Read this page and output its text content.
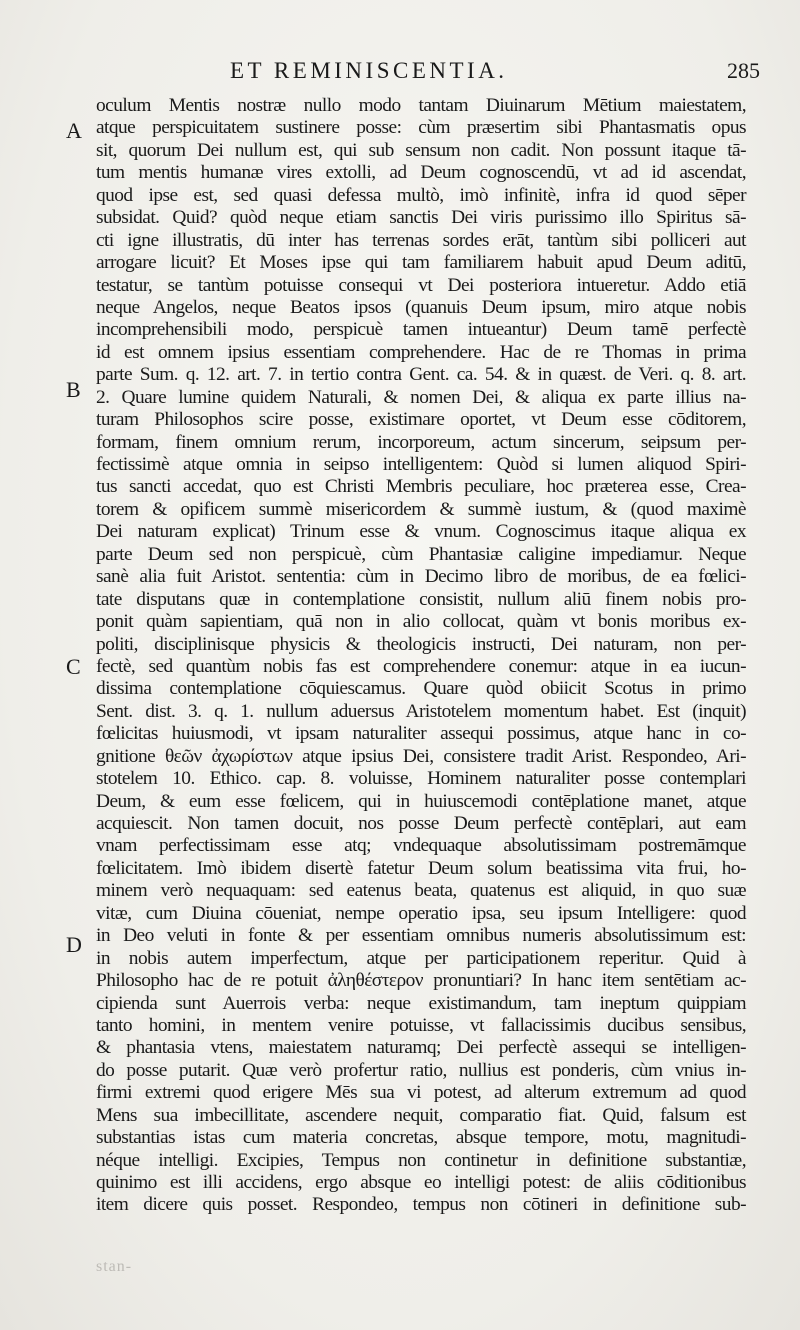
ET REMINISCENTIA.	285
A
B
C
D
oculum Mentis nostræ nullo modo tantam Diuinarum Mētium maiestatem,
atque perspicuitatem sustinere posse: cùm præsertim sibi Phantasmatis opus
sit, quorum Dei nullum est, qui sub sensum non cadit. Non possunt itaque tā-
tum mentis humanæ vires extolli, ad Deum cognoscendū, vt ad id ascendat,
quod ipse est, sed quasi defessa multò, imò infinitè, infra id quod sēper
subsidat. Quid? quòd neque etiam sanctis Dei viris purissimo illo Spiritus sā-
cti igne illustratis, dū inter has terrenas sordes erāt, tantùm sibi polliceri aut
arrogare licuit? Et Moses ipse qui tam familiarem habuit apud Deum aditū,
testatur, se tantùm potuisse consequi vt Dei posteriora intueretur. Addo etiā
neque Angelos, neque Beatos ipsos (quanuis Deum ipsum, miro atque nobis
incomprehensibili modo, perspicuè tamen intueantur) Deum tamē perfectè
id est omnem ipsius essentiam comprehendere. Hac de re Thomas in prima
parte Sum. q. 12. art. 7. in tertio contra Gent. ca. 54. & in quæst. de Veri. q. 8. art.
2. Quare lumine quidem Naturali, & nomen Dei, & aliqua ex parte illius na-
turam Philosophos scire posse, existimare oportet, vt Deum esse cōditorem,
formam, finem omnium rerum, incorporeum, actum sincerum, seipsum per-
fectissimè atque omnia in seipso intelligentem: Quòd si lumen aliquod Spiri-
tus sancti accedat, quo est Christi Membris peculiare, hoc præterea esse, Crea-
torem & opificem summè misericordem & summè iustum, & (quod maximè
Dei naturam explicat) Trinum esse & vnum. Cognoscimus itaque aliqua ex
parte Deum sed non perspicuè, cùm Phantasiæ caligine impediamur. Neque
sanè alia fuit Aristot. sententia: cùm in Decimo libro de moribus, de ea fœlici-
tate disputans quæ in contemplatione consistit, nullum aliū finem nobis pro-
ponit quàm sapientiam, quā non in alio collocat, quàm vt bonis moribus ex-
politi, disciplinisque physicis & theologicis instructi, Dei naturam, non per-
fectè, sed quantùm nobis fas est comprehendere conemur: atque in ea iucun-
dissima contemplatione cōquiescamus. Quare quòd obiicit Scotus in primo
Sent. dist. 3. q. 1. nullum aduersus Aristotelem momentum habet. Est (inquit)
fœlicitas huiusmodi, vt ipsam naturaliter assequi possimus, atque hanc in co-
gnitione θεῶν ἀχωρίστων atque ipsius Dei, consistere tradit Arist. Respondeo, Ari-
stotelem 10. Ethico. cap. 8. voluisse, Hominem naturaliter posse contemplari
Deum, & eum esse fœlicem, qui in huiuscemodi contēplatione manet, atque
acquiescit. Non tamen docuit, nos posse Deum perfectè contēplari, aut eam
vnam perfectissimam esse atq; vndequaque absolutissimam postremāmque
fœlicitatem. Imò ibidem disertè fatetur Deum solum beatissima vita frui, ho-
minem verò nequaquam: sed eatenus beata, quatenus est aliquid, in quo suæ
vitæ, cum Diuina cōueniat, nempe operatio ipsa, seu ipsum Intelligere: quod
in Deo veluti in fonte & per essentiam omnibus numeris absolutissimum est:
in nobis autem imperfectum, atque per participationem reperitur. Quid à
Philosopho hac de re potuit ἀληθέστερον pronuntiari? In hanc item sentētiam ac-
cipienda sunt Auerrois verba: neque existimandum, tam ineptum quippiam
tanto homini, in mentem venire potuisse, vt fallacissimis ducibus sensibus,
& phantasia vtens, maiestatem naturamq; Dei perfectè assequi se intelligen-
do posse putarit. Quæ verò profertur ratio, nullius est ponderis, cùm vnius in-
firmi extremi quod erigere Mēs sua vi potest, ad alterum extremum ad quod
Mens sua imbecillitate, ascendere nequit, comparatio fiat. Quid, falsum est
substantias istas cum materia concretas, absque tempore, motu, magnitudi-
néque intelligi. Excipies, Tempus non continetur in definitione substantiæ,
quinimo est illi accidens, ergo absque eo intelligi potest: de aliis cōditionibus
item dicere quis posset. Respondeo, tempus non cōtineri in definitione sub-
stan-
